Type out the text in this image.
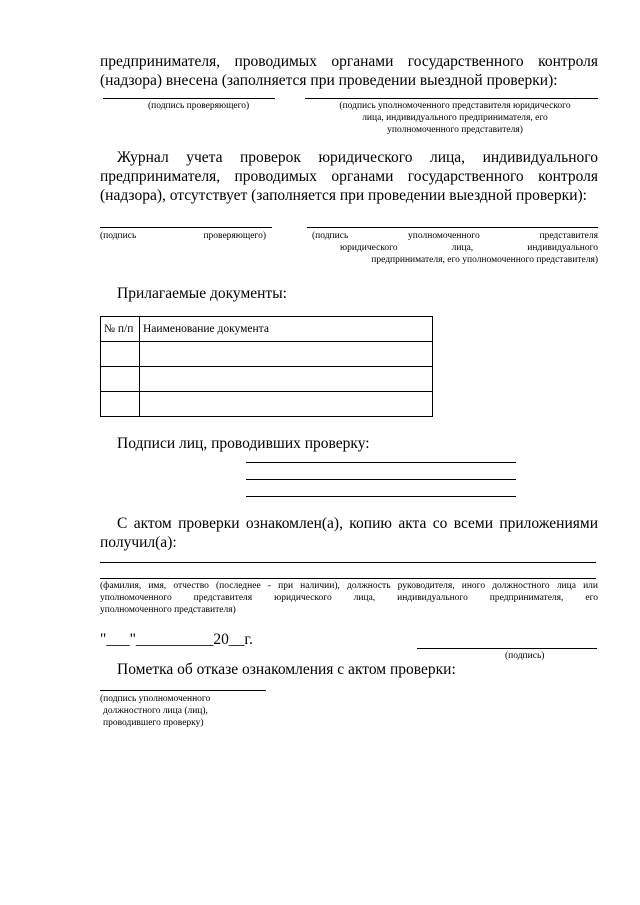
предпринимателя, проводимых органами государственного контроля
(надзора) внесена (заполняется при проведении выездной проверки):
(подпись проверяющего)	(подпись уполномоченного представителя юридического
лица, индивидуального предпринимателя, его
уполномоченного представителя)
Журнал учета проверок юридического лица, индивидуального
предпринимателя, проводимых органами государственного контроля
(надзора), отсутствует (заполняется при проведении выездной проверки):
(подпись	проверяющего)	(подпись	уполномоченного	представителя
юридического	лица,	индивидуального
предпринимателя, его уполномоченного представителя)
Прилагаемые документы:
№ п/п	Наименование документа

Подписи лиц, проводивших проверку:
С актом проверки ознакомлен(а), копию акта со всеми приложениями
получил(а):
(фамилия, имя, отчество (последнее - при наличии), должность руководителя, иного должностного лица или
уполномоченного представителя юридического лица, индивидуального предпринимателя, его
уполномоченного представителя)
"___"__________20__г.
(подпись)
Пометка об отказе ознакомления с актом проверки:
(подпись уполномоченного
должностного лица (лиц),
проводившего проверку)
